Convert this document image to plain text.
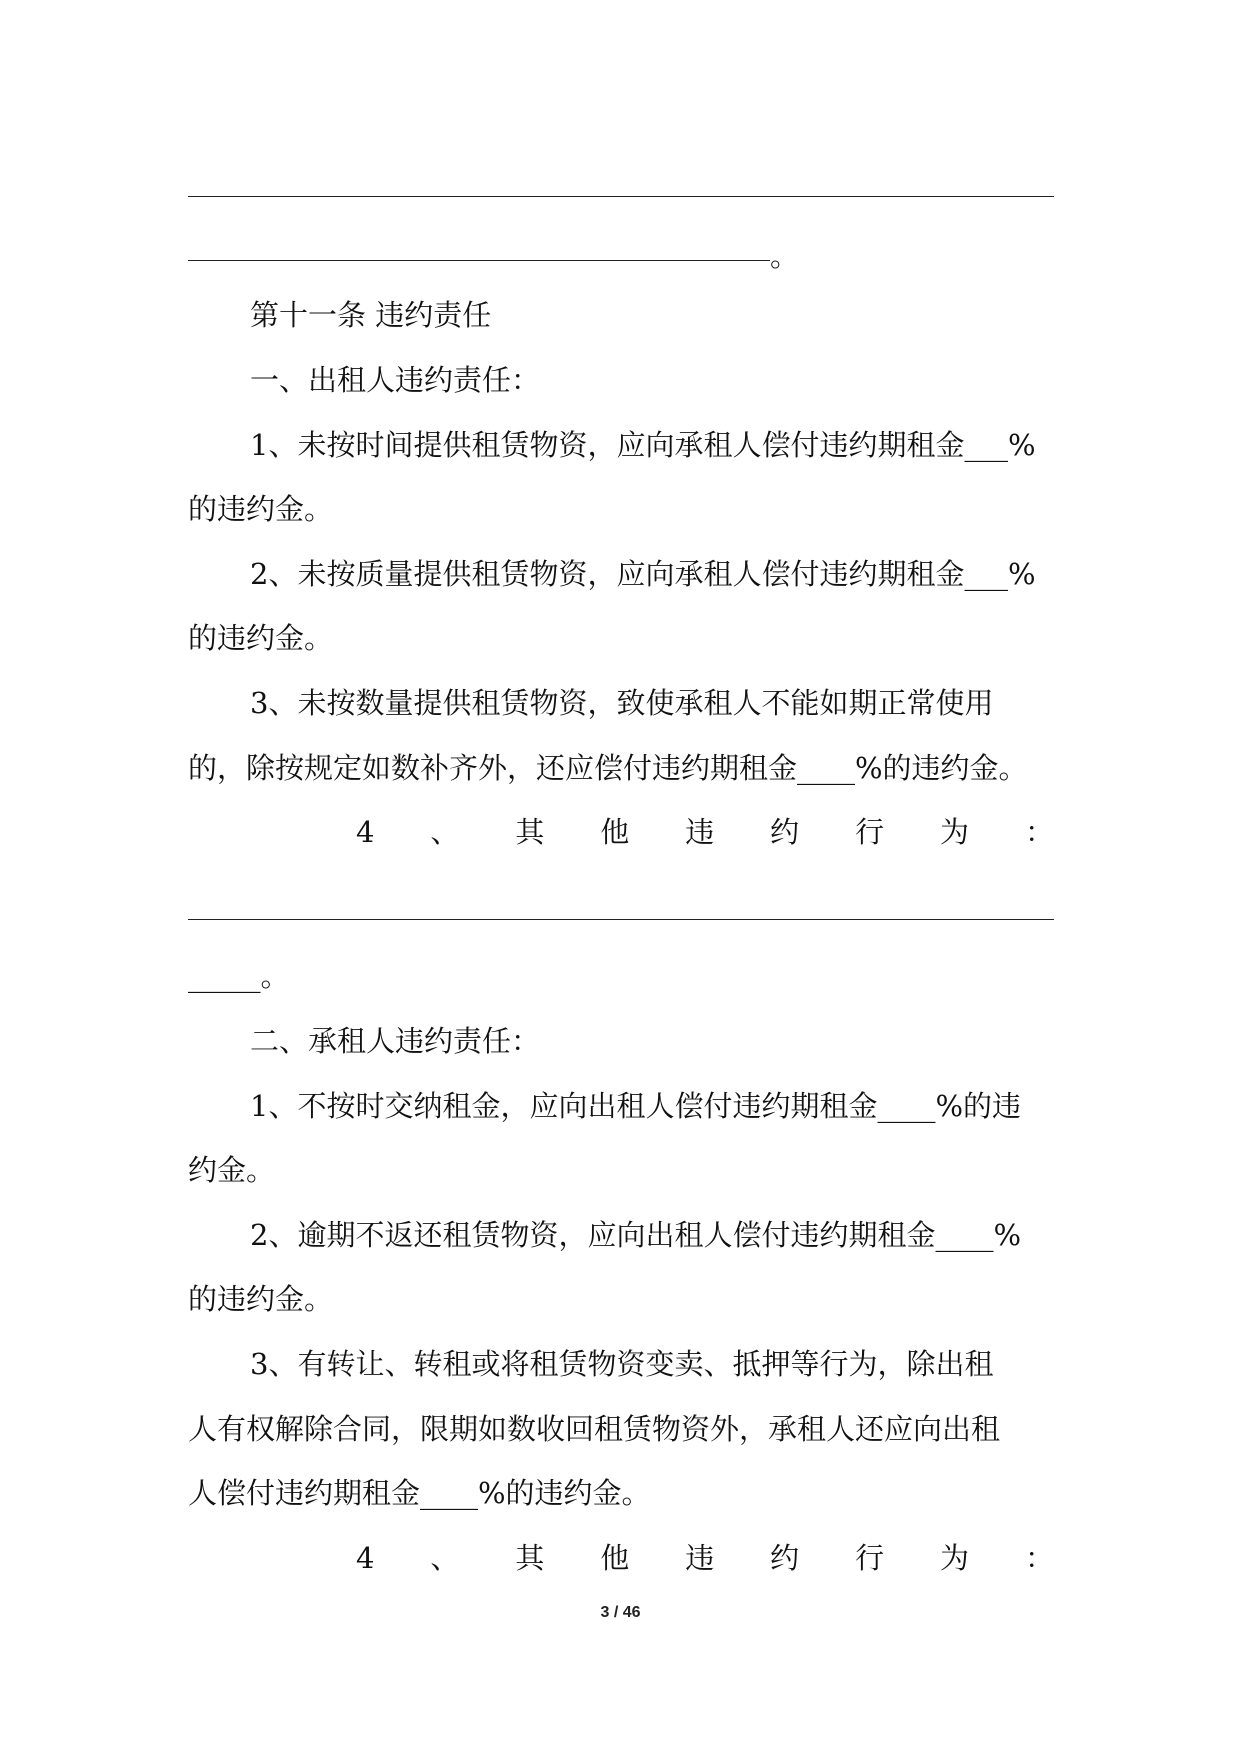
。
第十一条 违约责任
一、出租人违约责任：
1、未按时间提供租赁物资，应向承租人偿付违约期租金___%
的违约金。
2、未按质量提供租赁物资，应向承租人偿付违约期租金___%
的违约金。
3、未按数量提供租赁物资，致使承租人不能如期正常使用
的，除按规定如数补齐外，还应偿付违约期租金____%的违约金。
4 、 其 他 违 约 行 为 ：
_____。
二、承租人违约责任：
1、不按时交纳租金，应向出租人偿付违约期租金____%的违
约金。
2、逾期不返还租赁物资，应向出租人偿付违约期租金____%
的违约金。
3、有转让、转租或将租赁物资变卖、抵押等行为，除出租
人有权解除合同，限期如数收回租赁物资外，承租人还应向出租
人偿付违约期租金____%的违约金。
4 、 其 他 违 约 行 为 ：
3 / 46
